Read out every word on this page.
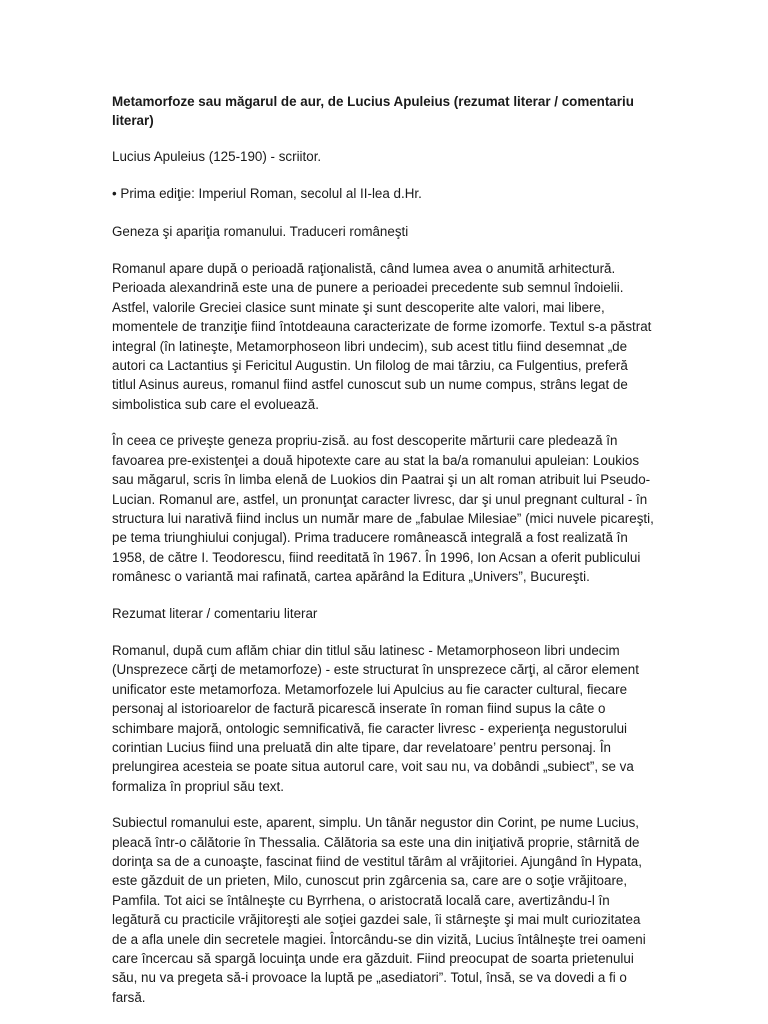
Metamorfoze sau măgarul de aur, de Lucius Apuleius (rezumat literar / comentariu literar)

Lucius Apuleius (125-190) - scriitor.

• Prima ediţie: Imperiul Roman, secolul al II-lea d.Hr.

Geneza şi apariţia romanului. Traduceri româneşti

Romanul apare după o perioadă raţionalistă, când lumea avea o anumită arhitectură. Perioada alexandrină este una de punere a perioadei precedente sub semnul îndoielii. Astfel, valorile Greciei clasice sunt minate şi sunt descoperite alte valori, mai libere, momentele de tranziţie fiind întotdeauna caracterizate de forme izomorfe. Textul s-a păstrat integral (în latineşte, Metamorphoseon libri undecim), sub acest titlu fiind desemnat „de autori ca Lactantius şi Fericitul Augustin. Un filolog de mai târziu, ca Fulgentius, preferă titlul Asinus aureus, romanul fiind astfel cunoscut sub un nume compus, strâns legat de simbolistica sub care el evoluează.

În ceea ce priveşte geneza propriu-zisă. au fost descoperite mărturii care pledează în favoarea pre-existenţei a două hipotexte care au stat la ba/a romanului apuleian: Loukios sau măgarul, scris în limba elenă de Luokios din Paatrai şi un alt roman atribuit lui Pseudo-Lucian. Romanul are, astfel, un pronunţat caracter livresc, dar şi unul pregnant cultural - în structura lui narativă fiind inclus un număr mare de „fabulae Milesiae” (mici nuvele picareşti, pe tema triunghiului conjugal). Prima traducere românească integrală a fost realizată în 1958, de către I. Teodorescu, fiind reeditată în 1967. În 1996, Ion Acsan a oferit publicului românesc o variantă mai rafinată, cartea apărând la Editura „Univers”, Bucureşti.

Rezumat literar / comentariu literar

Romanul, după cum aflăm chiar din titlul său latinesc - Metamorphoseon libri undecim (Unsprezece cărţi de metamorfoze) - este structurat în unsprezece cărţi, al căror element unificator este metamorfoza. Metamorfozele lui Apulcius au fie caracter cultural, fiecare personaj al istorioarelor de factură picarescă inserate în roman fiind supus la câte o schimbare majoră, ontologic semnificativă, fie caracter livresc - experienţa negustorului corintian Lucius fiind una preluată din alte tipare, dar revelatoare’ pentru personaj. În prelungirea acesteia se poate situa autorul care, voit sau nu, va dobândi „subiect”, se va formaliza în propriul său text.

Subiectul romanului este, aparent, simplu. Un tânăr negustor din Corint, pe nume Lucius, pleacă într-o călătorie în Thessalia. Călătoria sa este una din iniţiativă proprie, stârnită de dorinţa sa de a cunoaşte, fascinat fiind de vestitul tărâm al vrăjitoriei. Ajungând în Hypata, este găzduit de un prieten, Milo, cunoscut prin zgârcenia sa, care are o soţie vrăjitoare, Pamfila. Tot aici se întâlneşte cu Byrrhena, o aristocrată locală care, avertizându-l în legătură cu practicile vrăjitoreşti ale soţiei gazdei sale, îi stârneşte şi mai mult curiozitatea de a afla unele din secretele magiei. Întorcându-se din vizită, Lucius întâlneşte trei oameni care încercau să spargă locuinţa unde era găzduit. Fiind preocupat de soarta prietenului său, nu va pregeta să-i provoace la luptă pe „asediatori”. Totul, însă, se va dovedi a fi o farsă.
